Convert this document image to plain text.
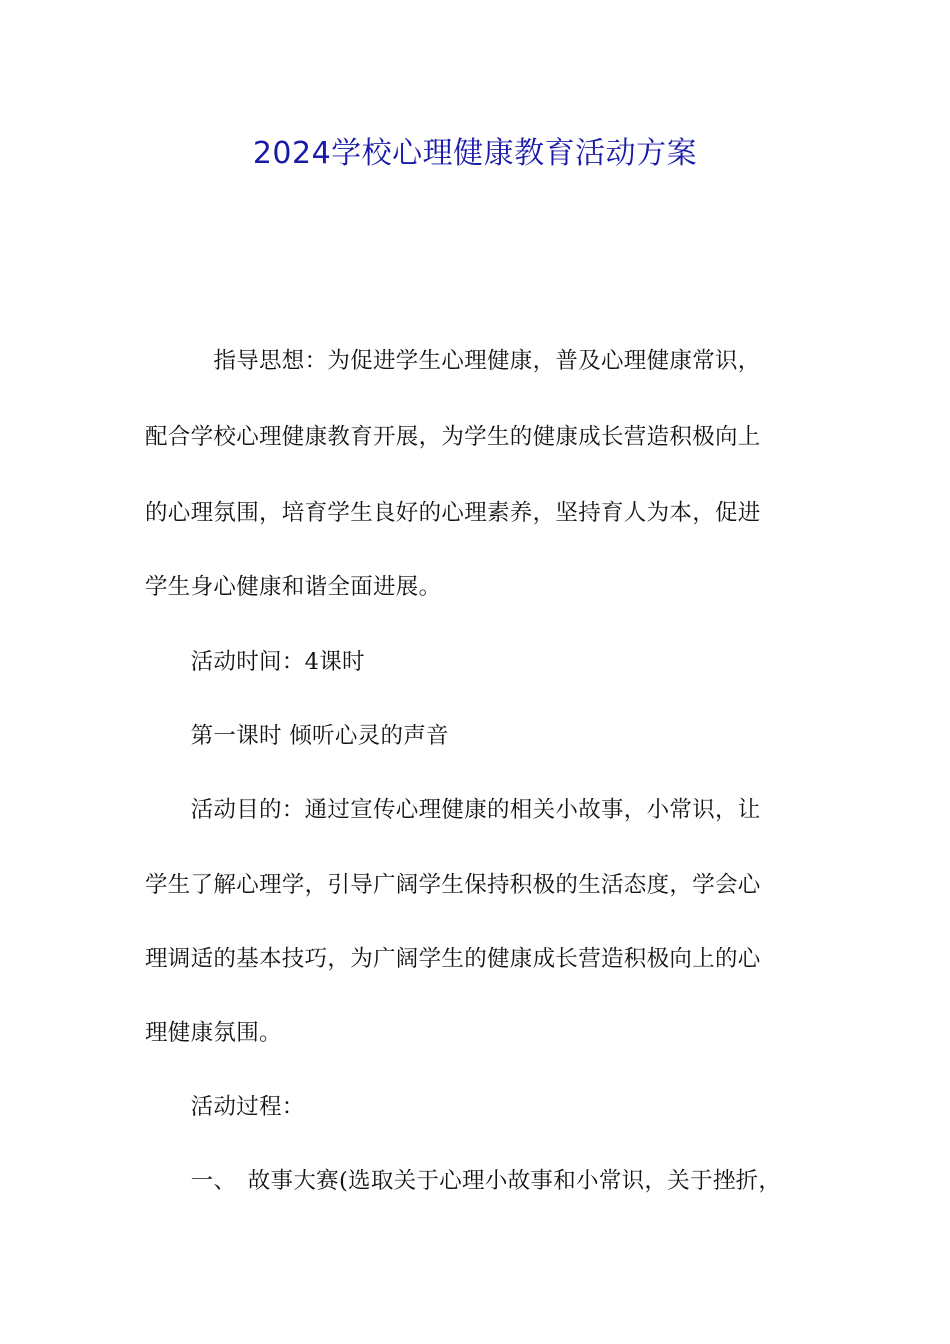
2024学校心理健康教育活动方案
　　　指导思想：为促进学生心理健康，普及心理健康常识，
配合学校心理健康教育开展，为学生的健康成长营造积极向上
的心理氛围，培育学生良好的心理素养，坚持育人为本，促进
学生身心健康和谐全面进展。
　　活动时间：4课时
　　第一课时 倾听心灵的声音
　　活动目的：通过宣传心理健康的相关小故事，小常识，让
学生了解心理学，引导广阔学生保持积极的生活态度，学会心
理调适的基本技巧，为广阔学生的健康成长营造积极向上的心
理健康氛围。
　　活动过程：
　　一、　故事大赛(选取关于心理小故事和小常识，关于挫折，
